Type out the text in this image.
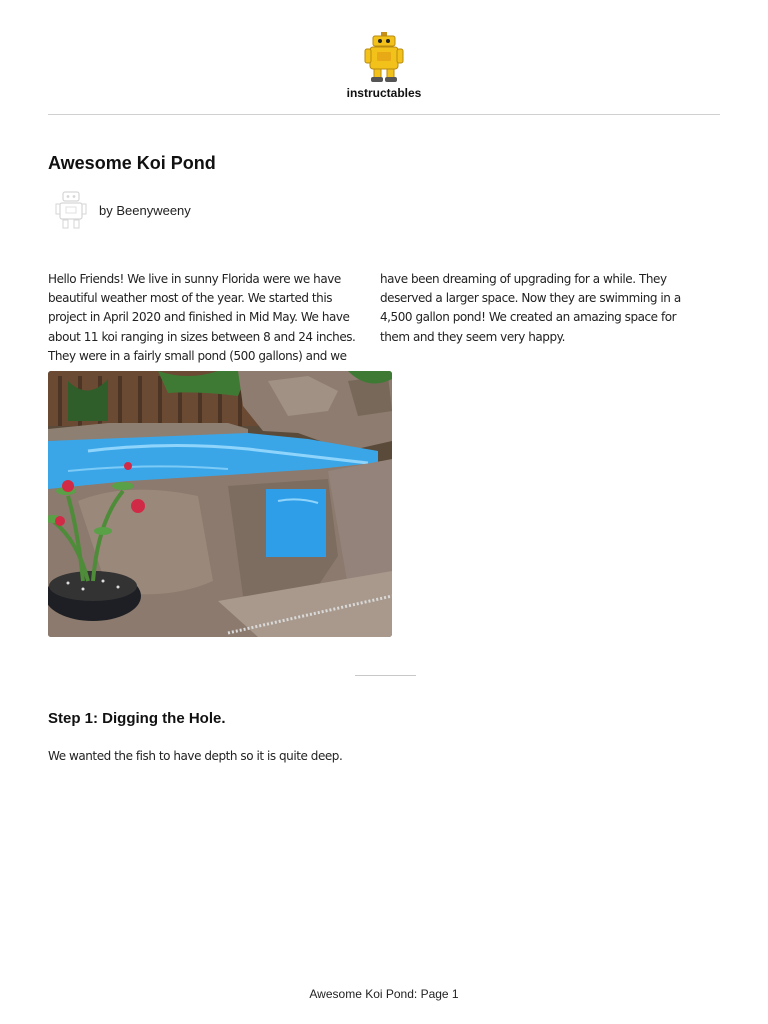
instructables
Awesome Koi Pond
by Beenyweeny

Hello Friends! We live in sunny Florida were we have beautiful weather most of the year. We started this project in April 2020 and finished in Mid May. We have about 11 koi ranging in sizes between 8 and 24 inches. They were in a fairly small pond (500 gallons) and we have been dreaming of upgrading for a while. They deserved a larger space. Now they are swimming in a 4,500 gallon pond! We created an amazing space for them and they seem very happy.

Step 1: Digging the Hole.

We wanted the fish to have depth so it is quite deep.

Awesome Koi Pond: Page 1
